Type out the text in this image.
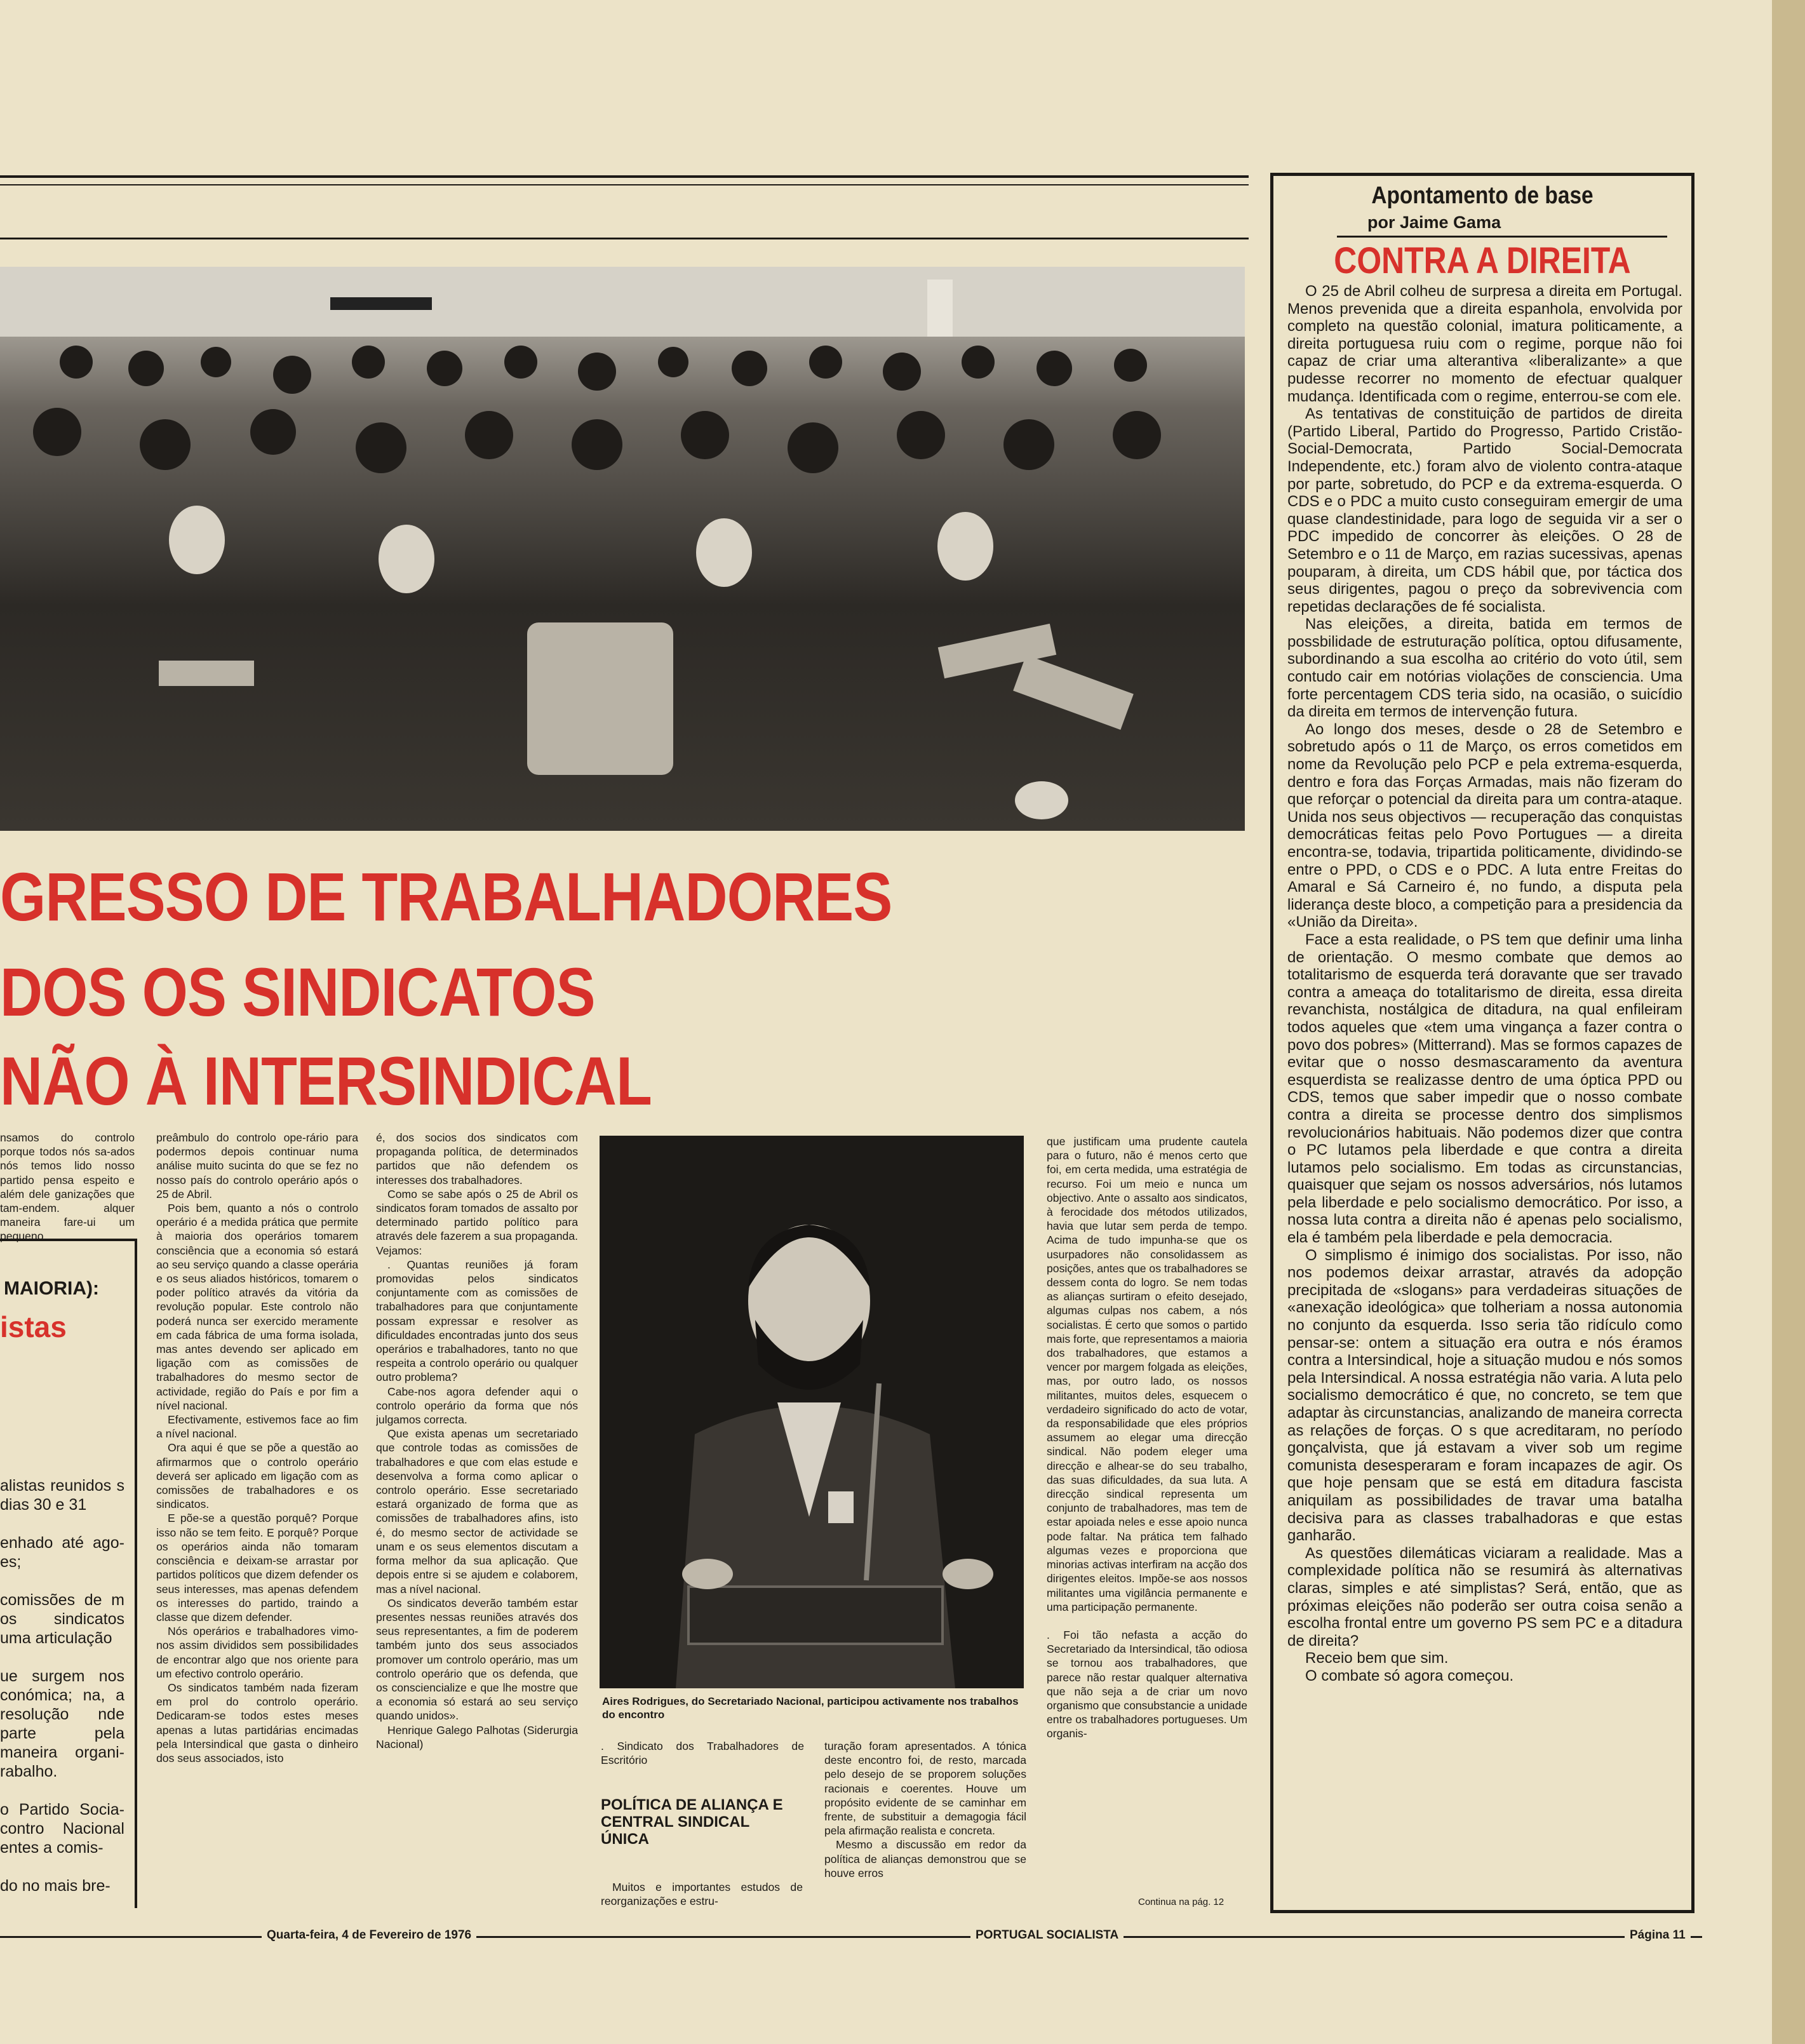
GRESSO DE TRABALHADORES
DOS OS SINDICATOS
NÃO À INTERSINDICAL
MAIORIA):
istas

alistas reunidos s dias 30 e 31

enhado até ago-es;

comissões de m os sindicatos uma articulação

ue surgem nos conómica; na, a resolução nde parte pela maneira organi-rabalho.

o Partido Socia-contro Nacional entes a comis-

do no mais bre-

nsamos do controlo porque todos nós sa-ados nós temos lido nosso partido pensa espeito e além dele ganizações que tam-endem. alquer maneira fare-ui um pequeno

preâmbulo do controlo ope-rário para podermos depois continuar numa análise muito sucinta do que se fez no nosso país do controlo operário após o 25 de Abril.

Pois bem, quanto a nós o controlo operário é a medida prática que permite à maioria dos operários tomarem consciência que a economia só estará ao seu serviço quando a classe operária e os seus aliados históricos, tomarem o poder político através da vitória da revolução popular. Este controlo não poderá nunca ser exercido meramente em cada fábrica de uma forma isolada, mas antes devendo ser aplicado em ligação com as comissões de trabalhadores do mesmo sector de actividade, região do País e por fim a nível nacional.

Efectivamente, estivemos face ao fim a nível nacional.

Ora aqui é que se põe a questão ao afirmarmos que o controlo operário deverá ser aplicado em ligação com as comissões de trabalhadores e os sindicatos.

E põe-se a questão porquê? Porque isso não se tem feito. E porquê? Porque os operários ainda não tomaram consciência e deixam-se arrastar por partidos políticos que dizem defender os seus interesses, mas apenas defendem os interesses do partido, traindo a classe que dizem defender.

Nós operários e trabalhadores vimo-nos assim divididos sem possibilidades de encontrar algo que nos oriente para um efectivo controlo operário.

Os sindicatos também nada fizeram em prol do controlo operário. Dedicaram-se todos estes meses apenas a lutas partidárias encimadas pela Intersindical que gasta o dinheiro dos seus associados, isto

é, dos socios dos sindicatos com propaganda política, de determinados partidos que não defendem os interesses dos trabalhadores.

Como se sabe após o 25 de Abril os sindicatos foram tomados de assalto por determinado partido político para através dele fazerem a sua propaganda. Vejamos:

. Quantas reuniões já foram promovidas pelos sindicatos conjuntamente com as comissões de trabalhadores para que conjuntamente possam expressar e resolver as dificuldades encontradas junto dos seus operários e trabalhadores, tanto no que respeita a controlo operário ou qualquer outro problema?

Cabe-nos agora defender aqui o controlo operário da forma que nós julgamos correcta.

Que exista apenas um secretariado que controle todas as comissões de trabalhadores e que com elas estude e desenvolva a forma como aplicar o controlo operário. Esse secretariado estará organizado de forma que as comissões de trabalhadores afins, isto é, do mesmo sector de actividade se unam e os seus elementos discutam a forma melhor da sua aplicação. Que depois entre si se ajudem e colaborem, mas a nível nacional.

Os sindicatos deverão também estar presentes nessas reuniões através dos seus representantes, a fim de poderem também junto dos seus associados promover um controlo operário, mas um controlo operário que os defenda, que os consciencialize e que lhe mostre que a economia só estará ao seu serviço quando unidos».

Henrique Galego Palhotas (Siderurgia Nacional)

Aires Rodrigues, do Secretariado Nacional, participou activamente nos trabalhos do encontro

. Sindicato dos Trabalhadores de Escritório

POLÍTICA DE ALIANÇA E CENTRAL SINDICAL ÚNICA

Muitos e importantes estudos de reorganizações e estru-

turação foram apresentados. A tónica deste encontro foi, de resto, marcada pelo desejo de se proporem soluções racionais e coerentes. Houve um propósito evidente de se caminhar em frente, de substituir a demagogia fácil pela afirmação realista e concreta.

Mesmo a discussão em redor da política de alianças demonstrou que se houve erros

que justificam uma prudente cautela para o futuro, não é menos certo que foi, em certa medida, uma estratégia de recurso. Foi um meio e nunca um objectivo. Ante o assalto aos sindicatos, à ferocidade dos métodos utilizados, havia que lutar sem perda de tempo. Acima de tudo impunha-se que os usurpadores não consolidassem as posições, antes que os trabalhadores se dessem conta do logro. Se nem todas as alianças surtiram o efeito desejado, algumas culpas nos cabem, a nós socialistas. É certo que somos o partido mais forte, que representamos a maioria dos trabalhadores, que estamos a vencer por margem folgada as eleições, mas, por outro lado, os nossos militantes, muitos deles, esquecem o verdadeiro significado do acto de votar, da responsabilidade que eles próprios assumem ao elegar uma direcção sindical. Não podem eleger uma direcção e alhear-se do seu trabalho, das suas dificuldades, da sua luta. A direcção sindical representa um conjunto de trabalhadores, mas tem de estar apoiada neles e esse apoio nunca pode faltar. Na prática tem falhado algumas vezes e proporciona que minorias activas interfiram na acção dos dirigentes eleitos. Impõe-se aos nossos militantes uma vigilância permanente e uma participação permanente.

. Foi tão nefasta a acção do Secretariado da Intersindical, tão odiosa se tornou aos trabalhadores, que parece não restar qualquer alternativa que não seja a de criar um novo organismo que consubstancie a unidade entre os trabalhadores portugueses. Um organis-

Continua na pág. 12
Apontamento de base
por Jaime Gama
CONTRA A DIREITA

O 25 de Abril colheu de surpresa a direita em Portugal. Menos prevenida que a direita espanhola, envolvida por completo na questão colonial, imatura politicamente, a direita portuguesa ruiu com o regime, porque não foi capaz de criar uma alterantiva «liberalizante» a que pudesse recorrer no momento de efectuar qualquer mudança. Identificada com o regime, enterrou-se com ele.

As tentativas de constituição de partidos de direita (Partido Liberal, Partido do Progresso, Partido Cristão-Social-Democrata, Partido Social-Democrata Independente, etc.) foram alvo de violento contra-ataque por parte, sobretudo, do PCP e da extrema-esquerda. O CDS e o PDC a muito custo conseguiram emergir de uma quase clandestinidade, para logo de seguida vir a ser o PDC impedido de concorrer às eleições. O 28 de Setembro e o 11 de Março, em razias sucessivas, apenas pouparam, à direita, um CDS hábil que, por táctica dos seus dirigentes, pagou o preço da sobrevivencia com repetidas declarações de fé socialista.

Nas eleições, a direita, batida em termos de possbilidade de estruturação política, optou difusamente, subordinando a sua escolha ao critério do voto útil, sem contudo cair em notórias violações de consciencia. Uma forte percentagem CDS teria sido, na ocasião, o suicídio da direita em termos de intervenção futura.

Ao longo dos meses, desde o 28 de Setembro e sobretudo após o 11 de Março, os erros cometidos em nome da Revolução pelo PCP e pela extrema-esquerda, dentro e fora das Forças Armadas, mais não fizeram do que reforçar o potencial da direita para um contra-ataque. Unida nos seus objectivos — recuperação das conquistas democráticas feitas pelo Povo Portugues — a direita encontra-se, todavia, tripartida politicamente, dividindo-se entre o PPD, o CDS e o PDC. A luta entre Freitas do Amaral e Sá Carneiro é, no fundo, a disputa pela liderança deste bloco, a competição para a presidencia da «União da Direita».

Face a esta realidade, o PS tem que definir uma linha de orientação. O mesmo combate que demos ao totalitarismo de esquerda terá doravante que ser travado contra a ameaça do totalitarismo de direita, essa direita revanchista, nostálgica de ditadura, na qual enfileiram todos aqueles que «tem uma vingança a fazer contra o povo dos pobres» (Mitterrand). Mas se formos capazes de evitar que o nosso desmascaramento da aventura esquerdista se realizasse dentro de uma óptica PPD ou CDS, temos que saber impedir que o nosso combate contra a direita se processe dentro dos simplismos revolucionários habituais. Não podemos dizer que contra o PC lutamos pela liberdade e que contra a direita lutamos pelo socialismo. Em todas as circunstancias, quaisquer que sejam os nossos adversários, nós lutamos pela liberdade e pelo socialismo democrático. Por isso, a nossa luta contra a direita não é apenas pelo socialismo, ela é também pela liberdade e pela democracia.

O simplismo é inimigo dos socialistas. Por isso, não nos podemos deixar arrastar, através da adopção precipitada de «slogans» para verdadeiras situações de «anexação ideológica» que tolheriam a nossa autonomia no conjunto da esquerda. Isso seria tão ridículo como pensar-se: ontem a situação era outra e nós éramos contra a Intersindical, hoje a situação mudou e nós somos pela Intersindical. A nossa estratégia não varia. A luta pelo socialismo democrático é que, no concreto, se tem que adaptar às circunstancias, analizando de maneira correcta as relações de forças. O s que acreditaram, no período gonçalvista, que já estavam a viver sob um regime comunista desesperaram e foram incapazes de agir. Os que hoje pensam que se está em ditadura fascista aniquilam as possibilidades de travar uma batalha decisiva para as classes trabalhadoras e que estas ganharão.

As questões dilemáticas viciaram a realidade. Mas a complexidade política não se resumirá às alternativas claras, simples e até simplistas? Será, então, que as próximas eleições não poderão ser outra coisa senão a escolha frontal entre um governo PS sem PC e a ditadura de direita?

Receio bem que sim.

O combate só agora começou.

Quarta-feira, 4 de Fevereiro de 1976	PORTUGAL SOCIALISTA	Página 11
